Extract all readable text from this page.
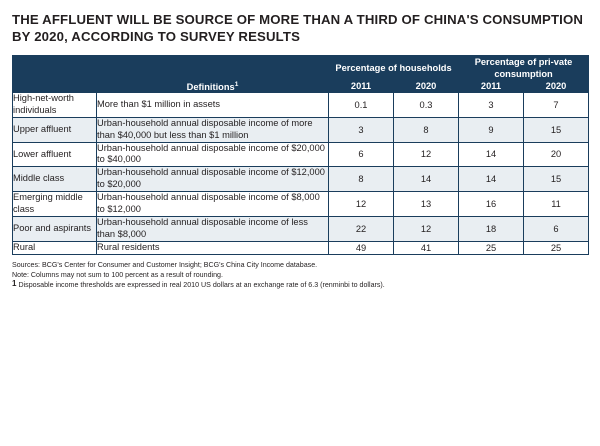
THE AFFLUENT WILL BE SOURCE OF MORE THAN A THIRD OF CHINA'S CONSUMPTION BY 2020, ACCORDING TO SURVEY RESULTS
		Percentage of households		Percentage of pri-vate consumption	
	Definitions$^1$	2011	2020	2011	2020
High-net-worth individuals	More than $1 million in assets	0.1	0.3	3	7
Upper affluent	Urban-household annual disposable income of more than $40,000 but less than $1 million	3	8	9	15
Lower affluent	Urban-household annual disposable income of $20,000 to $40,000	6	12	14	20
Middle class	Urban-household annual disposable income of $12,000 to $20,000	8	14	14	15
Emerging middle class	Urban-household annual disposable income of $8,000 to $12,000	12	13	16	11
Poor and aspirants	Urban-household annual disposable income of less than $8,000	22	12	18	6
Rural	Rural residents	49	41	25	25
Sources: BCG's Center for Consumer and Customer Insight; BCG's China City Income database.
Note: Columns may not sum to 100 percent as a result of rounding.
1 Disposable income thresholds are expressed in real 2010 US dollars at an exchange rate of 6.3 (renminbi to dollars).
